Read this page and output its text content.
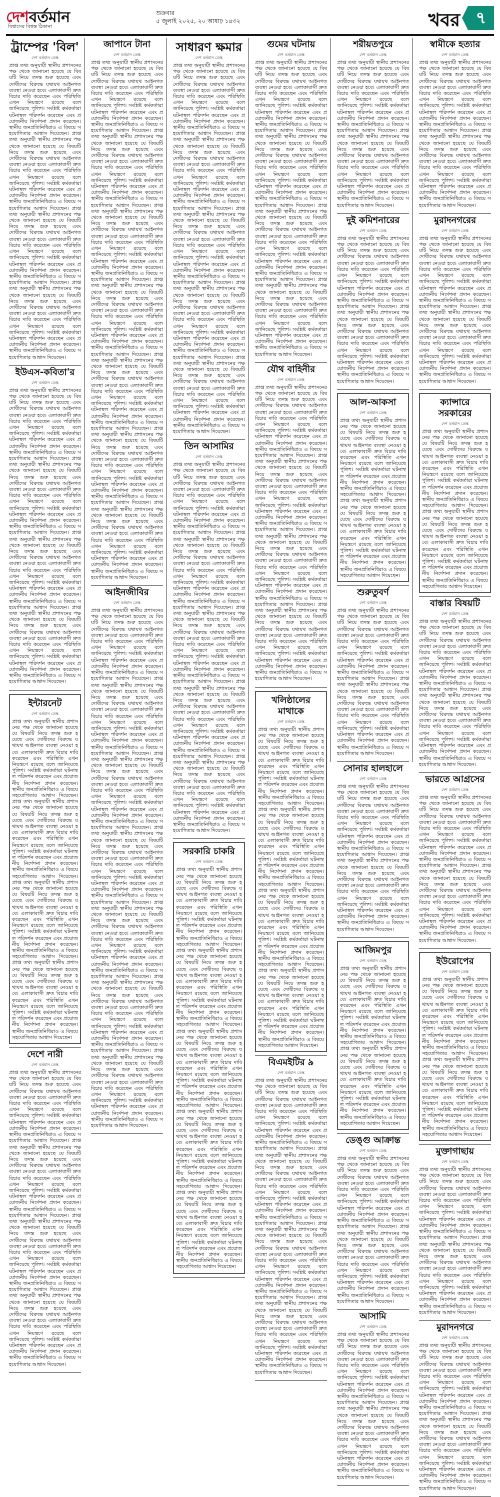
দেশবর্তমান
বিশ্বাসের বিশ্বস্ত ঠিকানা
শুক্রবার
৫ জুলাই ২০২৫, ২০ আষাঢ় ১৪৩২	খবর ৭
ট্রাম্পের 'বিল'
দেশ বর্তমান ডেস্ক
প্রাপ্ত তথ্য অনুযায়ী স্থানীয় প্রশাসনের পক্ষ থেকে জানানো হয়েছে যে বিষয়টি নিয়ে তদন্ত শুরু হয়েছে এবং দোষীদের বিরুদ্ধে যথাযথ আইনগত ব্যবস্থা নেওয়া হবে। এলাকাবাসী দ্রুত বিচার দাবি করেছেন এবং পরিস্থিতি এখন নিয়ন্ত্রণে রয়েছে বলে জানিয়েছে পুলিশ। সংশ্লিষ্ট কর্মকর্তারা ঘটনাস্থল পরিদর্শন করেছেন এবং প্রয়োজনীয় নির্দেশনা প্রদান করেছেন। স্থানীয় জনপ্রতিনিধিরাও এ বিষয়ে সহযোগিতার আশ্বাস দিয়েছেন। প্রাপ্ত তথ্য অনুযায়ী স্থানীয় প্রশাসনের পক্ষ থেকে জানানো হয়েছে যে বিষয়টি নিয়ে তদন্ত শুরু হয়েছে এবং দোষীদের বিরুদ্ধে যথাযথ আইনগত ব্যবস্থা নেওয়া হবে। এলাকাবাসী দ্রুত বিচার দাবি করেছেন এবং পরিস্থিতি এখন নিয়ন্ত্রণে রয়েছে বলে জানিয়েছে পুলিশ। সংশ্লিষ্ট কর্মকর্তারা ঘটনাস্থল পরিদর্শন করেছেন এবং প্রয়োজনীয় নির্দেশনা প্রদান করেছেন। স্থানীয় জনপ্রতিনিধিরাও এ বিষয়ে সহযোগিতার আশ্বাস দিয়েছেন। প্রাপ্ত তথ্য অনুযায়ী স্থানীয় প্রশাসনের পক্ষ থেকে জানানো হয়েছে যে বিষয়টি নিয়ে তদন্ত শুরু হয়েছে এবং দোষীদের বিরুদ্ধে যথাযথ আইনগত ব্যবস্থা নেওয়া হবে। এলাকাবাসী দ্রুত বিচার দাবি করেছেন এবং পরিস্থিতি এখন নিয়ন্ত্রণে রয়েছে বলে জানিয়েছে পুলিশ। সংশ্লিষ্ট কর্মকর্তারা ঘটনাস্থল পরিদর্শন করেছেন এবং প্রয়োজনীয় নির্দেশনা প্রদান করেছেন। স্থানীয় জনপ্রতিনিধিরাও এ বিষয়ে সহযোগিতার আশ্বাস দিয়েছেন। প্রাপ্ত তথ্য অনুযায়ী স্থানীয় প্রশাসনের পক্ষ থেকে জানানো হয়েছে যে বিষয়টি নিয়ে তদন্ত শুরু হয়েছে এবং দোষীদের বিরুদ্ধে যথাযথ আইনগত ব্যবস্থা নেওয়া হবে। এলাকাবাসী দ্রুত বিচার দাবি করেছেন এবং পরিস্থিতি এখন নিয়ন্ত্রণে রয়েছে বলে জানিয়েছে পুলিশ। সংশ্লিষ্ট কর্মকর্তারা ঘটনাস্থল পরিদর্শন করেছেন এবং প্রয়োজনীয় নির্দেশনা প্রদান করেছেন। স্থানীয় জনপ্রতিনিধিরাও এ বিষয়ে সহযোগিতার আশ্বাস দিয়েছেন।
ইউএস-কবিতা'র
দেশ বর্তমান ডেস্ক
প্রাপ্ত তথ্য অনুযায়ী স্থানীয় প্রশাসনের পক্ষ থেকে জানানো হয়েছে যে বিষয়টি নিয়ে তদন্ত শুরু হয়েছে এবং দোষীদের বিরুদ্ধে যথাযথ আইনগত ব্যবস্থা নেওয়া হবে। এলাকাবাসী দ্রুত বিচার দাবি করেছেন এবং পরিস্থিতি এখন নিয়ন্ত্রণে রয়েছে বলে জানিয়েছে পুলিশ। সংশ্লিষ্ট কর্মকর্তারা ঘটনাস্থল পরিদর্শন করেছেন এবং প্রয়োজনীয় নির্দেশনা প্রদান করেছেন। স্থানীয় জনপ্রতিনিধিরাও এ বিষয়ে সহযোগিতার আশ্বাস দিয়েছেন। প্রাপ্ত তথ্য অনুযায়ী স্থানীয় প্রশাসনের পক্ষ থেকে জানানো হয়েছে যে বিষয়টি নিয়ে তদন্ত শুরু হয়েছে এবং দোষীদের বিরুদ্ধে যথাযথ আইনগত ব্যবস্থা নেওয়া হবে। এলাকাবাসী দ্রুত বিচার দাবি করেছেন এবং পরিস্থিতি এখন নিয়ন্ত্রণে রয়েছে বলে জানিয়েছে পুলিশ। সংশ্লিষ্ট কর্মকর্তারা ঘটনাস্থল পরিদর্শন করেছেন এবং প্রয়োজনীয় নির্দেশনা প্রদান করেছেন। স্থানীয় জনপ্রতিনিধিরাও এ বিষয়ে সহযোগিতার আশ্বাস দিয়েছেন। প্রাপ্ত তথ্য অনুযায়ী স্থানীয় প্রশাসনের পক্ষ থেকে জানানো হয়েছে যে বিষয়টি নিয়ে তদন্ত শুরু হয়েছে এবং দোষীদের বিরুদ্ধে যথাযথ আইনগত ব্যবস্থা নেওয়া হবে। এলাকাবাসী দ্রুত বিচার দাবি করেছেন এবং পরিস্থিতি এখন নিয়ন্ত্রণে রয়েছে বলে জানিয়েছে পুলিশ। সংশ্লিষ্ট কর্মকর্তারা ঘটনাস্থল পরিদর্শন করেছেন এবং প্রয়োজনীয় নির্দেশনা প্রদান করেছেন। স্থানীয় জনপ্রতিনিধিরাও এ বিষয়ে সহযোগিতার আশ্বাস দিয়েছেন। প্রাপ্ত তথ্য অনুযায়ী স্থানীয় প্রশাসনের পক্ষ থেকে জানানো হয়েছে যে বিষয়টি নিয়ে তদন্ত শুরু হয়েছে এবং দোষীদের বিরুদ্ধে যথাযথ আইনগত ব্যবস্থা নেওয়া হবে। এলাকাবাসী দ্রুত বিচার দাবি করেছেন এবং পরিস্থিতি এখন নিয়ন্ত্রণে রয়েছে বলে জানিয়েছে পুলিশ। সংশ্লিষ্ট কর্মকর্তারা ঘটনাস্থল পরিদর্শন করেছেন এবং প্রয়োজনীয় নির্দেশনা প্রদান করেছেন। স্থানীয় জনপ্রতিনিধিরাও এ বিষয়ে সহযোগিতার আশ্বাস দিয়েছেন।
ইন্টারনেট
দেশ বর্তমান ডেস্ক
প্রাপ্ত তথ্য অনুযায়ী স্থানীয় প্রশাসনের পক্ষ থেকে জানানো হয়েছে যে বিষয়টি নিয়ে তদন্ত শুরু হয়েছে এবং দোষীদের বিরুদ্ধে যথাযথ আইনগত ব্যবস্থা নেওয়া হবে। এলাকাবাসী দ্রুত বিচার দাবি করেছেন এবং পরিস্থিতি এখন নিয়ন্ত্রণে রয়েছে বলে জানিয়েছে পুলিশ। সংশ্লিষ্ট কর্মকর্তারা ঘটনাস্থল পরিদর্শন করেছেন এবং প্রয়োজনীয় নির্দেশনা প্রদান করেছেন। স্থানীয় জনপ্রতিনিধিরাও এ বিষয়ে সহযোগিতার আশ্বাস দিয়েছেন। প্রাপ্ত তথ্য অনুযায়ী স্থানীয় প্রশাসনের পক্ষ থেকে জানানো হয়েছে যে বিষয়টি নিয়ে তদন্ত শুরু হয়েছে এবং দোষীদের বিরুদ্ধে যথাযথ আইনগত ব্যবস্থা নেওয়া হবে। এলাকাবাসী দ্রুত বিচার দাবি করেছেন এবং পরিস্থিতি এখন নিয়ন্ত্রণে রয়েছে বলে জানিয়েছে পুলিশ। সংশ্লিষ্ট কর্মকর্তারা ঘটনাস্থল পরিদর্শন করেছেন এবং প্রয়োজনীয় নির্দেশনা প্রদান করেছেন। স্থানীয় জনপ্রতিনিধিরাও এ বিষয়ে সহযোগিতার আশ্বাস দিয়েছেন। প্রাপ্ত তথ্য অনুযায়ী স্থানীয় প্রশাসনের পক্ষ থেকে জানানো হয়েছে যে বিষয়টি নিয়ে তদন্ত শুরু হয়েছে এবং দোষীদের বিরুদ্ধে যথাযথ আইনগত ব্যবস্থা নেওয়া হবে। এলাকাবাসী দ্রুত বিচার দাবি করেছেন এবং পরিস্থিতি এখন নিয়ন্ত্রণে রয়েছে বলে জানিয়েছে পুলিশ। সংশ্লিষ্ট কর্মকর্তারা ঘটনাস্থল পরিদর্শন করেছেন এবং প্রয়োজনীয় নির্দেশনা প্রদান করেছেন। স্থানীয় জনপ্রতিনিধিরাও এ বিষয়ে সহযোগিতার আশ্বাস দিয়েছেন। প্রাপ্ত তথ্য অনুযায়ী স্থানীয় প্রশাসনের পক্ষ থেকে জানানো হয়েছে যে বিষয়টি নিয়ে তদন্ত শুরু হয়েছে এবং দোষীদের বিরুদ্ধে যথাযথ আইনগত ব্যবস্থা নেওয়া হবে। এলাকাবাসী দ্রুত বিচার দাবি করেছেন এবং পরিস্থিতি এখন নিয়ন্ত্রণে রয়েছে বলে জানিয়েছে পুলিশ। সংশ্লিষ্ট কর্মকর্তারা ঘটনাস্থল পরিদর্শন করেছেন এবং প্রয়োজনীয় নির্দেশনা প্রদান করেছেন। স্থানীয় জনপ্রতিনিধিরাও এ বিষয়ে সহযোগিতার আশ্বাস দিয়েছেন।
দেশে নারী
দেশ বর্তমান ডেস্ক
প্রাপ্ত তথ্য অনুযায়ী স্থানীয় প্রশাসনের পক্ষ থেকে জানানো হয়েছে যে বিষয়টি নিয়ে তদন্ত শুরু হয়েছে এবং দোষীদের বিরুদ্ধে যথাযথ আইনগত ব্যবস্থা নেওয়া হবে। এলাকাবাসী দ্রুত বিচার দাবি করেছেন এবং পরিস্থিতি এখন নিয়ন্ত্রণে রয়েছে বলে জানিয়েছে পুলিশ। সংশ্লিষ্ট কর্মকর্তারা ঘটনাস্থল পরিদর্শন করেছেন এবং প্রয়োজনীয় নির্দেশনা প্রদান করেছেন। স্থানীয় জনপ্রতিনিধিরাও এ বিষয়ে সহযোগিতার আশ্বাস দিয়েছেন। প্রাপ্ত তথ্য অনুযায়ী স্থানীয় প্রশাসনের পক্ষ থেকে জানানো হয়েছে যে বিষয়টি নিয়ে তদন্ত শুরু হয়েছে এবং দোষীদের বিরুদ্ধে যথাযথ আইনগত ব্যবস্থা নেওয়া হবে। এলাকাবাসী দ্রুত বিচার দাবি করেছেন এবং পরিস্থিতি এখন নিয়ন্ত্রণে রয়েছে বলে জানিয়েছে পুলিশ। সংশ্লিষ্ট কর্মকর্তারা ঘটনাস্থল পরিদর্শন করেছেন এবং প্রয়োজনীয় নির্দেশনা প্রদান করেছেন। স্থানীয় জনপ্রতিনিধিরাও এ বিষয়ে সহযোগিতার আশ্বাস দিয়েছেন। প্রাপ্ত তথ্য অনুযায়ী স্থানীয় প্রশাসনের পক্ষ থেকে জানানো হয়েছে যে বিষয়টি নিয়ে তদন্ত শুরু হয়েছে এবং দোষীদের বিরুদ্ধে যথাযথ আইনগত ব্যবস্থা নেওয়া হবে। এলাকাবাসী দ্রুত বিচার দাবি করেছেন এবং পরিস্থিতি এখন নিয়ন্ত্রণে রয়েছে বলে জানিয়েছে পুলিশ। সংশ্লিষ্ট কর্মকর্তারা ঘটনাস্থল পরিদর্শন করেছেন এবং প্রয়োজনীয় নির্দেশনা প্রদান করেছেন। স্থানীয় জনপ্রতিনিধিরাও এ বিষয়ে সহযোগিতার আশ্বাস দিয়েছেন। প্রাপ্ত তথ্য অনুযায়ী স্থানীয় প্রশাসনের পক্ষ থেকে জানানো হয়েছে যে বিষয়টি নিয়ে তদন্ত শুরু হয়েছে এবং দোষীদের বিরুদ্ধে যথাযথ আইনগত ব্যবস্থা নেওয়া হবে। এলাকাবাসী দ্রুত বিচার দাবি করেছেন এবং পরিস্থিতি এখন নিয়ন্ত্রণে রয়েছে বলে জানিয়েছে পুলিশ। সংশ্লিষ্ট কর্মকর্তারা ঘটনাস্থল পরিদর্শন করেছেন এবং প্রয়োজনীয় নির্দেশনা প্রদান করেছেন। স্থানীয় জনপ্রতিনিধিরাও এ বিষয়ে সহযোগিতার আশ্বাস দিয়েছেন।
জাপানে টানা
দেশ বর্তমান ডেস্ক
প্রাপ্ত তথ্য অনুযায়ী স্থানীয় প্রশাসনের পক্ষ থেকে জানানো হয়েছে যে বিষয়টি নিয়ে তদন্ত শুরু হয়েছে এবং দোষীদের বিরুদ্ধে যথাযথ আইনগত ব্যবস্থা নেওয়া হবে। এলাকাবাসী দ্রুত বিচার দাবি করেছেন এবং পরিস্থিতি এখন নিয়ন্ত্রণে রয়েছে বলে জানিয়েছে পুলিশ। সংশ্লিষ্ট কর্মকর্তারা ঘটনাস্থল পরিদর্শন করেছেন এবং প্রয়োজনীয় নির্দেশনা প্রদান করেছেন। স্থানীয় জনপ্রতিনিধিরাও এ বিষয়ে সহযোগিতার আশ্বাস দিয়েছেন। প্রাপ্ত তথ্য অনুযায়ী স্থানীয় প্রশাসনের পক্ষ থেকে জানানো হয়েছে যে বিষয়টি নিয়ে তদন্ত শুরু হয়েছে এবং দোষীদের বিরুদ্ধে যথাযথ আইনগত ব্যবস্থা নেওয়া হবে। এলাকাবাসী দ্রুত বিচার দাবি করেছেন এবং পরিস্থিতি এখন নিয়ন্ত্রণে রয়েছে বলে জানিয়েছে পুলিশ। সংশ্লিষ্ট কর্মকর্তারা ঘটনাস্থল পরিদর্শন করেছেন এবং প্রয়োজনীয় নির্দেশনা প্রদান করেছেন। স্থানীয় জনপ্রতিনিধিরাও এ বিষয়ে সহযোগিতার আশ্বাস দিয়েছেন। প্রাপ্ত তথ্য অনুযায়ী স্থানীয় প্রশাসনের পক্ষ থেকে জানানো হয়েছে যে বিষয়টি নিয়ে তদন্ত শুরু হয়েছে এবং দোষীদের বিরুদ্ধে যথাযথ আইনগত ব্যবস্থা নেওয়া হবে। এলাকাবাসী দ্রুত বিচার দাবি করেছেন এবং পরিস্থিতি এখন নিয়ন্ত্রণে রয়েছে বলে জানিয়েছে পুলিশ। সংশ্লিষ্ট কর্মকর্তারা ঘটনাস্থল পরিদর্শন করেছেন এবং প্রয়োজনীয় নির্দেশনা প্রদান করেছেন। স্থানীয় জনপ্রতিনিধিরাও এ বিষয়ে সহযোগিতার আশ্বাস দিয়েছেন। প্রাপ্ত তথ্য অনুযায়ী স্থানীয় প্রশাসনের পক্ষ থেকে জানানো হয়েছে যে বিষয়টি নিয়ে তদন্ত শুরু হয়েছে এবং দোষীদের বিরুদ্ধে যথাযথ আইনগত ব্যবস্থা নেওয়া হবে। এলাকাবাসী দ্রুত বিচার দাবি করেছেন এবং পরিস্থিতি এখন নিয়ন্ত্রণে রয়েছে বলে জানিয়েছে পুলিশ। সংশ্লিষ্ট কর্মকর্তারা ঘটনাস্থল পরিদর্শন করেছেন এবং প্রয়োজনীয় নির্দেশনা প্রদান করেছেন। স্থানীয় জনপ্রতিনিধিরাও এ বিষয়ে সহযোগিতার আশ্বাস দিয়েছেন। প্রাপ্ত তথ্য অনুযায়ী স্থানীয় প্রশাসনের পক্ষ থেকে জানানো হয়েছে যে বিষয়টি নিয়ে তদন্ত শুরু হয়েছে এবং দোষীদের বিরুদ্ধে যথাযথ আইনগত ব্যবস্থা নেওয়া হবে। এলাকাবাসী দ্রুত বিচার দাবি করেছেন এবং পরিস্থিতি এখন নিয়ন্ত্রণে রয়েছে বলে জানিয়েছে পুলিশ। সংশ্লিষ্ট কর্মকর্তারা ঘটনাস্থল পরিদর্শন করেছেন এবং প্রয়োজনীয় নির্দেশনা প্রদান করেছেন। স্থানীয় জনপ্রতিনিধিরাও এ বিষয়ে সহযোগিতার আশ্বাস দিয়েছেন। প্রাপ্ত তথ্য অনুযায়ী স্থানীয় প্রশাসনের পক্ষ থেকে জানানো হয়েছে যে বিষয়টি নিয়ে তদন্ত শুরু হয়েছে এবং দোষীদের বিরুদ্ধে যথাযথ আইনগত ব্যবস্থা নেওয়া হবে। এলাকাবাসী দ্রুত বিচার দাবি করেছেন এবং পরিস্থিতি এখন নিয়ন্ত্রণে রয়েছে বলে জানিয়েছে পুলিশ। সংশ্লিষ্ট কর্মকর্তারা ঘটনাস্থল পরিদর্শন করেছেন এবং প্রয়োজনীয় নির্দেশনা প্রদান করেছেন। স্থানীয় জনপ্রতিনিধিরাও এ বিষয়ে সহযোগিতার আশ্বাস দিয়েছেন। প্রাপ্ত তথ্য অনুযায়ী স্থানীয় প্রশাসনের পক্ষ থেকে জানানো হয়েছে যে বিষয়টি নিয়ে তদন্ত শুরু হয়েছে এবং দোষীদের বিরুদ্ধে যথাযথ আইনগত ব্যবস্থা নেওয়া হবে। এলাকাবাসী দ্রুত বিচার দাবি করেছেন এবং পরিস্থিতি এখন নিয়ন্ত্রণে রয়েছে বলে জানিয়েছে পুলিশ। সংশ্লিষ্ট কর্মকর্তারা ঘটনাস্থল পরিদর্শন করেছেন এবং প্রয়োজনীয় নির্দেশনা প্রদান করেছেন। স্থানীয় জনপ্রতিনিধিরাও এ বিষয়ে সহযোগিতার আশ্বাস দিয়েছেন।
আইনজীবির
দেশ বর্তমান ডেস্ক
প্রাপ্ত তথ্য অনুযায়ী স্থানীয় প্রশাসনের পক্ষ থেকে জানানো হয়েছে যে বিষয়টি নিয়ে তদন্ত শুরু হয়েছে এবং দোষীদের বিরুদ্ধে যথাযথ আইনগত ব্যবস্থা নেওয়া হবে। এলাকাবাসী দ্রুত বিচার দাবি করেছেন এবং পরিস্থিতি এখন নিয়ন্ত্রণে রয়েছে বলে জানিয়েছে পুলিশ। সংশ্লিষ্ট কর্মকর্তারা ঘটনাস্থল পরিদর্শন করেছেন এবং প্রয়োজনীয় নির্দেশনা প্রদান করেছেন। স্থানীয় জনপ্রতিনিধিরাও এ বিষয়ে সহযোগিতার আশ্বাস দিয়েছেন। প্রাপ্ত তথ্য অনুযায়ী স্থানীয় প্রশাসনের পক্ষ থেকে জানানো হয়েছে যে বিষয়টি নিয়ে তদন্ত শুরু হয়েছে এবং দোষীদের বিরুদ্ধে যথাযথ আইনগত ব্যবস্থা নেওয়া হবে। এলাকাবাসী দ্রুত বিচার দাবি করেছেন এবং পরিস্থিতি এখন নিয়ন্ত্রণে রয়েছে বলে জানিয়েছে পুলিশ। সংশ্লিষ্ট কর্মকর্তারা ঘটনাস্থল পরিদর্শন করেছেন এবং প্রয়োজনীয় নির্দেশনা প্রদান করেছেন। স্থানীয় জনপ্রতিনিধিরাও এ বিষয়ে সহযোগিতার আশ্বাস দিয়েছেন। প্রাপ্ত তথ্য অনুযায়ী স্থানীয় প্রশাসনের পক্ষ থেকে জানানো হয়েছে যে বিষয়টি নিয়ে তদন্ত শুরু হয়েছে এবং দোষীদের বিরুদ্ধে যথাযথ আইনগত ব্যবস্থা নেওয়া হবে। এলাকাবাসী দ্রুত বিচার দাবি করেছেন এবং পরিস্থিতি এখন নিয়ন্ত্রণে রয়েছে বলে জানিয়েছে পুলিশ। সংশ্লিষ্ট কর্মকর্তারা ঘটনাস্থল পরিদর্শন করেছেন এবং প্রয়োজনীয় নির্দেশনা প্রদান করেছেন। স্থানীয় জনপ্রতিনিধিরাও এ বিষয়ে সহযোগিতার আশ্বাস দিয়েছেন। প্রাপ্ত তথ্য অনুযায়ী স্থানীয় প্রশাসনের পক্ষ থেকে জানানো হয়েছে যে বিষয়টি নিয়ে তদন্ত শুরু হয়েছে এবং দোষীদের বিরুদ্ধে যথাযথ আইনগত ব্যবস্থা নেওয়া হবে। এলাকাবাসী দ্রুত বিচার দাবি করেছেন এবং পরিস্থিতি এখন নিয়ন্ত্রণে রয়েছে বলে জানিয়েছে পুলিশ। সংশ্লিষ্ট কর্মকর্তারা ঘটনাস্থল পরিদর্শন করেছেন এবং প্রয়োজনীয় নির্দেশনা প্রদান করেছেন। স্থানীয় জনপ্রতিনিধিরাও এ বিষয়ে সহযোগিতার আশ্বাস দিয়েছেন। প্রাপ্ত তথ্য অনুযায়ী স্থানীয় প্রশাসনের পক্ষ থেকে জানানো হয়েছে যে বিষয়টি নিয়ে তদন্ত শুরু হয়েছে এবং দোষীদের বিরুদ্ধে যথাযথ আইনগত ব্যবস্থা নেওয়া হবে। এলাকাবাসী দ্রুত বিচার দাবি করেছেন এবং পরিস্থিতি এখন নিয়ন্ত্রণে রয়েছে বলে জানিয়েছে পুলিশ। সংশ্লিষ্ট কর্মকর্তারা ঘটনাস্থল পরিদর্শন করেছেন এবং প্রয়োজনীয় নির্দেশনা প্রদান করেছেন। স্থানীয় জনপ্রতিনিধিরাও এ বিষয়ে সহযোগিতার আশ্বাস দিয়েছেন। প্রাপ্ত তথ্য অনুযায়ী স্থানীয় প্রশাসনের পক্ষ থেকে জানানো হয়েছে যে বিষয়টি নিয়ে তদন্ত শুরু হয়েছে এবং দোষীদের বিরুদ্ধে যথাযথ আইনগত ব্যবস্থা নেওয়া হবে। এলাকাবাসী দ্রুত বিচার দাবি করেছেন এবং পরিস্থিতি এখন নিয়ন্ত্রণে রয়েছে বলে জানিয়েছে পুলিশ। সংশ্লিষ্ট কর্মকর্তারা ঘটনাস্থল পরিদর্শন করেছেন এবং প্রয়োজনীয় নির্দেশনা প্রদান করেছেন। স্থানীয় জনপ্রতিনিধিরাও এ বিষয়ে সহযোগিতার আশ্বাস দিয়েছেন। প্রাপ্ত তথ্য অনুযায়ী স্থানীয় প্রশাসনের পক্ষ থেকে জানানো হয়েছে যে বিষয়টি নিয়ে তদন্ত শুরু হয়েছে এবং দোষীদের বিরুদ্ধে যথাযথ আইনগত ব্যবস্থা নেওয়া হবে। এলাকাবাসী দ্রুত বিচার দাবি করেছেন এবং পরিস্থিতি এখন নিয়ন্ত্রণে রয়েছে বলে জানিয়েছে পুলিশ। সংশ্লিষ্ট কর্মকর্তারা ঘটনাস্থল পরিদর্শন করেছেন এবং প্রয়োজনীয় নির্দেশনা প্রদান করেছেন। স্থানীয় জনপ্রতিনিধিরাও এ বিষয়ে সহযোগিতার আশ্বাস দিয়েছেন।
সাধারণ ক্ষমার
দেশ বর্তমান ডেস্ক
প্রাপ্ত তথ্য অনুযায়ী স্থানীয় প্রশাসনের পক্ষ থেকে জানানো হয়েছে যে বিষয়টি নিয়ে তদন্ত শুরু হয়েছে এবং দোষীদের বিরুদ্ধে যথাযথ আইনগত ব্যবস্থা নেওয়া হবে। এলাকাবাসী দ্রুত বিচার দাবি করেছেন এবং পরিস্থিতি এখন নিয়ন্ত্রণে রয়েছে বলে জানিয়েছে পুলিশ। সংশ্লিষ্ট কর্মকর্তারা ঘটনাস্থল পরিদর্শন করেছেন এবং প্রয়োজনীয় নির্দেশনা প্রদান করেছেন। স্থানীয় জনপ্রতিনিধিরাও এ বিষয়ে সহযোগিতার আশ্বাস দিয়েছেন। প্রাপ্ত তথ্য অনুযায়ী স্থানীয় প্রশাসনের পক্ষ থেকে জানানো হয়েছে যে বিষয়টি নিয়ে তদন্ত শুরু হয়েছে এবং দোষীদের বিরুদ্ধে যথাযথ আইনগত ব্যবস্থা নেওয়া হবে। এলাকাবাসী দ্রুত বিচার দাবি করেছেন এবং পরিস্থিতি এখন নিয়ন্ত্রণে রয়েছে বলে জানিয়েছে পুলিশ। সংশ্লিষ্ট কর্মকর্তারা ঘটনাস্থল পরিদর্শন করেছেন এবং প্রয়োজনীয় নির্দেশনা প্রদান করেছেন। স্থানীয় জনপ্রতিনিধিরাও এ বিষয়ে সহযোগিতার আশ্বাস দিয়েছেন। প্রাপ্ত তথ্য অনুযায়ী স্থানীয় প্রশাসনের পক্ষ থেকে জানানো হয়েছে যে বিষয়টি নিয়ে তদন্ত শুরু হয়েছে এবং দোষীদের বিরুদ্ধে যথাযথ আইনগত ব্যবস্থা নেওয়া হবে। এলাকাবাসী দ্রুত বিচার দাবি করেছেন এবং পরিস্থিতি এখন নিয়ন্ত্রণে রয়েছে বলে জানিয়েছে পুলিশ। সংশ্লিষ্ট কর্মকর্তারা ঘটনাস্থল পরিদর্শন করেছেন এবং প্রয়োজনীয় নির্দেশনা প্রদান করেছেন। স্থানীয় জনপ্রতিনিধিরাও এ বিষয়ে সহযোগিতার আশ্বাস দিয়েছেন। প্রাপ্ত তথ্য অনুযায়ী স্থানীয় প্রশাসনের পক্ষ থেকে জানানো হয়েছে যে বিষয়টি নিয়ে তদন্ত শুরু হয়েছে এবং দোষীদের বিরুদ্ধে যথাযথ আইনগত ব্যবস্থা নেওয়া হবে। এলাকাবাসী দ্রুত বিচার দাবি করেছেন এবং পরিস্থিতি এখন নিয়ন্ত্রণে রয়েছে বলে জানিয়েছে পুলিশ। সংশ্লিষ্ট কর্মকর্তারা ঘটনাস্থল পরিদর্শন করেছেন এবং প্রয়োজনীয় নির্দেশনা প্রদান করেছেন। স্থানীয় জনপ্রতিনিধিরাও এ বিষয়ে সহযোগিতার আশ্বাস দিয়েছেন। প্রাপ্ত তথ্য অনুযায়ী স্থানীয় প্রশাসনের পক্ষ থেকে জানানো হয়েছে যে বিষয়টি নিয়ে তদন্ত শুরু হয়েছে এবং দোষীদের বিরুদ্ধে যথাযথ আইনগত ব্যবস্থা নেওয়া হবে। এলাকাবাসী দ্রুত বিচার দাবি করেছেন এবং পরিস্থিতি এখন নিয়ন্ত্রণে রয়েছে বলে জানিয়েছে পুলিশ। সংশ্লিষ্ট কর্মকর্তারা ঘটনাস্থল পরিদর্শন করেছেন এবং প্রয়োজনীয় নির্দেশনা প্রদান করেছেন। স্থানীয় জনপ্রতিনিধিরাও এ বিষয়ে সহযোগিতার আশ্বাস দিয়েছেন।
তিন আসামির
দেশ বর্তমান ডেস্ক
প্রাপ্ত তথ্য অনুযায়ী স্থানীয় প্রশাসনের পক্ষ থেকে জানানো হয়েছে যে বিষয়টি নিয়ে তদন্ত শুরু হয়েছে এবং দোষীদের বিরুদ্ধে যথাযথ আইনগত ব্যবস্থা নেওয়া হবে। এলাকাবাসী দ্রুত বিচার দাবি করেছেন এবং পরিস্থিতি এখন নিয়ন্ত্রণে রয়েছে বলে জানিয়েছে পুলিশ। সংশ্লিষ্ট কর্মকর্তারা ঘটনাস্থল পরিদর্শন করেছেন এবং প্রয়োজনীয় নির্দেশনা প্রদান করেছেন। স্থানীয় জনপ্রতিনিধিরাও এ বিষয়ে সহযোগিতার আশ্বাস দিয়েছেন। প্রাপ্ত তথ্য অনুযায়ী স্থানীয় প্রশাসনের পক্ষ থেকে জানানো হয়েছে যে বিষয়টি নিয়ে তদন্ত শুরু হয়েছে এবং দোষীদের বিরুদ্ধে যথাযথ আইনগত ব্যবস্থা নেওয়া হবে। এলাকাবাসী দ্রুত বিচার দাবি করেছেন এবং পরিস্থিতি এখন নিয়ন্ত্রণে রয়েছে বলে জানিয়েছে পুলিশ। সংশ্লিষ্ট কর্মকর্তারা ঘটনাস্থল পরিদর্শন করেছেন এবং প্রয়োজনীয় নির্দেশনা প্রদান করেছেন। স্থানীয় জনপ্রতিনিধিরাও এ বিষয়ে সহযোগিতার আশ্বাস দিয়েছেন। প্রাপ্ত তথ্য অনুযায়ী স্থানীয় প্রশাসনের পক্ষ থেকে জানানো হয়েছে যে বিষয়টি নিয়ে তদন্ত শুরু হয়েছে এবং দোষীদের বিরুদ্ধে যথাযথ আইনগত ব্যবস্থা নেওয়া হবে। এলাকাবাসী দ্রুত বিচার দাবি করেছেন এবং পরিস্থিতি এখন নিয়ন্ত্রণে রয়েছে বলে জানিয়েছে পুলিশ। সংশ্লিষ্ট কর্মকর্তারা ঘটনাস্থল পরিদর্শন করেছেন এবং প্রয়োজনীয় নির্দেশনা প্রদান করেছেন। স্থানীয় জনপ্রতিনিধিরাও এ বিষয়ে সহযোগিতার আশ্বাস দিয়েছেন। প্রাপ্ত তথ্য অনুযায়ী স্থানীয় প্রশাসনের পক্ষ থেকে জানানো হয়েছে যে বিষয়টি নিয়ে তদন্ত শুরু হয়েছে এবং দোষীদের বিরুদ্ধে যথাযথ আইনগত ব্যবস্থা নেওয়া হবে। এলাকাবাসী দ্রুত বিচার দাবি করেছেন এবং পরিস্থিতি এখন নিয়ন্ত্রণে রয়েছে বলে জানিয়েছে পুলিশ। সংশ্লিষ্ট কর্মকর্তারা ঘটনাস্থল পরিদর্শন করেছেন এবং প্রয়োজনীয় নির্দেশনা প্রদান করেছেন। স্থানীয় জনপ্রতিনিধিরাও এ বিষয়ে সহযোগিতার আশ্বাস দিয়েছেন। প্রাপ্ত তথ্য অনুযায়ী স্থানীয় প্রশাসনের পক্ষ থেকে জানানো হয়েছে যে বিষয়টি নিয়ে তদন্ত শুরু হয়েছে এবং দোষীদের বিরুদ্ধে যথাযথ আইনগত ব্যবস্থা নেওয়া হবে। এলাকাবাসী দ্রুত বিচার দাবি করেছেন এবং পরিস্থিতি এখন নিয়ন্ত্রণে রয়েছে বলে জানিয়েছে পুলিশ। সংশ্লিষ্ট কর্মকর্তারা ঘটনাস্থল পরিদর্শন করেছেন এবং প্রয়োজনীয় নির্দেশনা প্রদান করেছেন। স্থানীয় জনপ্রতিনিধিরাও এ বিষয়ে সহযোগিতার আশ্বাস দিয়েছেন।
সরকারি চাকরি
দেশ বর্তমান ডেস্ক
প্রাপ্ত তথ্য অনুযায়ী স্থানীয় প্রশাসনের পক্ষ থেকে জানানো হয়েছে যে বিষয়টি নিয়ে তদন্ত শুরু হয়েছে এবং দোষীদের বিরুদ্ধে যথাযথ আইনগত ব্যবস্থা নেওয়া হবে। এলাকাবাসী দ্রুত বিচার দাবি করেছেন এবং পরিস্থিতি এখন নিয়ন্ত্রণে রয়েছে বলে জানিয়েছে পুলিশ। সংশ্লিষ্ট কর্মকর্তারা ঘটনাস্থল পরিদর্শন করেছেন এবং প্রয়োজনীয় নির্দেশনা প্রদান করেছেন। স্থানীয় জনপ্রতিনিধিরাও এ বিষয়ে সহযোগিতার আশ্বাস দিয়েছেন। প্রাপ্ত তথ্য অনুযায়ী স্থানীয় প্রশাসনের পক্ষ থেকে জানানো হয়েছে যে বিষয়টি নিয়ে তদন্ত শুরু হয়েছে এবং দোষীদের বিরুদ্ধে যথাযথ আইনগত ব্যবস্থা নেওয়া হবে। এলাকাবাসী দ্রুত বিচার দাবি করেছেন এবং পরিস্থিতি এখন নিয়ন্ত্রণে রয়েছে বলে জানিয়েছে পুলিশ। সংশ্লিষ্ট কর্মকর্তারা ঘটনাস্থল পরিদর্শন করেছেন এবং প্রয়োজনীয় নির্দেশনা প্রদান করেছেন। স্থানীয় জনপ্রতিনিধিরাও এ বিষয়ে সহযোগিতার আশ্বাস দিয়েছেন। প্রাপ্ত তথ্য অনুযায়ী স্থানীয় প্রশাসনের পক্ষ থেকে জানানো হয়েছে যে বিষয়টি নিয়ে তদন্ত শুরু হয়েছে এবং দোষীদের বিরুদ্ধে যথাযথ আইনগত ব্যবস্থা নেওয়া হবে। এলাকাবাসী দ্রুত বিচার দাবি করেছেন এবং পরিস্থিতি এখন নিয়ন্ত্রণে রয়েছে বলে জানিয়েছে পুলিশ। সংশ্লিষ্ট কর্মকর্তারা ঘটনাস্থল পরিদর্শন করেছেন এবং প্রয়োজনীয় নির্দেশনা প্রদান করেছেন। স্থানীয় জনপ্রতিনিধিরাও এ বিষয়ে সহযোগিতার আশ্বাস দিয়েছেন। প্রাপ্ত তথ্য অনুযায়ী স্থানীয় প্রশাসনের পক্ষ থেকে জানানো হয়েছে যে বিষয়টি নিয়ে তদন্ত শুরু হয়েছে এবং দোষীদের বিরুদ্ধে যথাযথ আইনগত ব্যবস্থা নেওয়া হবে। এলাকাবাসী দ্রুত বিচার দাবি করেছেন এবং পরিস্থিতি এখন নিয়ন্ত্রণে রয়েছে বলে জানিয়েছে পুলিশ। সংশ্লিষ্ট কর্মকর্তারা ঘটনাস্থল পরিদর্শন করেছেন এবং প্রয়োজনীয় নির্দেশনা প্রদান করেছেন। স্থানীয় জনপ্রতিনিধিরাও এ বিষয়ে সহযোগিতার আশ্বাস দিয়েছেন। প্রাপ্ত তথ্য অনুযায়ী স্থানীয় প্রশাসনের পক্ষ থেকে জানানো হয়েছে যে বিষয়টি নিয়ে তদন্ত শুরু হয়েছে এবং দোষীদের বিরুদ্ধে যথাযথ আইনগত ব্যবস্থা নেওয়া হবে। এলাকাবাসী দ্রুত বিচার দাবি করেছেন এবং পরিস্থিতি এখন নিয়ন্ত্রণে রয়েছে বলে জানিয়েছে পুলিশ। সংশ্লিষ্ট কর্মকর্তারা ঘটনাস্থল পরিদর্শন করেছেন এবং প্রয়োজনীয় নির্দেশনা প্রদান করেছেন। স্থানীয় জনপ্রতিনিধিরাও এ বিষয়ে সহযোগিতার আশ্বাস দিয়েছেন।
গুমের ঘটনায়
দেশ বর্তমান ডেস্ক
প্রাপ্ত তথ্য অনুযায়ী স্থানীয় প্রশাসনের পক্ষ থেকে জানানো হয়েছে যে বিষয়টি নিয়ে তদন্ত শুরু হয়েছে এবং দোষীদের বিরুদ্ধে যথাযথ আইনগত ব্যবস্থা নেওয়া হবে। এলাকাবাসী দ্রুত বিচার দাবি করেছেন এবং পরিস্থিতি এখন নিয়ন্ত্রণে রয়েছে বলে জানিয়েছে পুলিশ। সংশ্লিষ্ট কর্মকর্তারা ঘটনাস্থল পরিদর্শন করেছেন এবং প্রয়োজনীয় নির্দেশনা প্রদান করেছেন। স্থানীয় জনপ্রতিনিধিরাও এ বিষয়ে সহযোগিতার আশ্বাস দিয়েছেন। প্রাপ্ত তথ্য অনুযায়ী স্থানীয় প্রশাসনের পক্ষ থেকে জানানো হয়েছে যে বিষয়টি নিয়ে তদন্ত শুরু হয়েছে এবং দোষীদের বিরুদ্ধে যথাযথ আইনগত ব্যবস্থা নেওয়া হবে। এলাকাবাসী দ্রুত বিচার দাবি করেছেন এবং পরিস্থিতি এখন নিয়ন্ত্রণে রয়েছে বলে জানিয়েছে পুলিশ। সংশ্লিষ্ট কর্মকর্তারা ঘটনাস্থল পরিদর্শন করেছেন এবং প্রয়োজনীয় নির্দেশনা প্রদান করেছেন। স্থানীয় জনপ্রতিনিধিরাও এ বিষয়ে সহযোগিতার আশ্বাস দিয়েছেন। প্রাপ্ত তথ্য অনুযায়ী স্থানীয় প্রশাসনের পক্ষ থেকে জানানো হয়েছে যে বিষয়টি নিয়ে তদন্ত শুরু হয়েছে এবং দোষীদের বিরুদ্ধে যথাযথ আইনগত ব্যবস্থা নেওয়া হবে। এলাকাবাসী দ্রুত বিচার দাবি করেছেন এবং পরিস্থিতি এখন নিয়ন্ত্রণে রয়েছে বলে জানিয়েছে পুলিশ। সংশ্লিষ্ট কর্মকর্তারা ঘটনাস্থল পরিদর্শন করেছেন এবং প্রয়োজনীয় নির্দেশনা প্রদান করেছেন। স্থানীয় জনপ্রতিনিধিরাও এ বিষয়ে সহযোগিতার আশ্বাস দিয়েছেন। প্রাপ্ত তথ্য অনুযায়ী স্থানীয় প্রশাসনের পক্ষ থেকে জানানো হয়েছে যে বিষয়টি নিয়ে তদন্ত শুরু হয়েছে এবং দোষীদের বিরুদ্ধে যথাযথ আইনগত ব্যবস্থা নেওয়া হবে। এলাকাবাসী দ্রুত বিচার দাবি করেছেন এবং পরিস্থিতি এখন নিয়ন্ত্রণে রয়েছে বলে জানিয়েছে পুলিশ। সংশ্লিষ্ট কর্মকর্তারা ঘটনাস্থল পরিদর্শন করেছেন এবং প্রয়োজনীয় নির্দেশনা প্রদান করেছেন। স্থানীয় জনপ্রতিনিধিরাও এ বিষয়ে সহযোগিতার আশ্বাস দিয়েছেন।
যৌথ বাহিনীর
দেশ বর্তমান ডেস্ক
প্রাপ্ত তথ্য অনুযায়ী স্থানীয় প্রশাসনের পক্ষ থেকে জানানো হয়েছে যে বিষয়টি নিয়ে তদন্ত শুরু হয়েছে এবং দোষীদের বিরুদ্ধে যথাযথ আইনগত ব্যবস্থা নেওয়া হবে। এলাকাবাসী দ্রুত বিচার দাবি করেছেন এবং পরিস্থিতি এখন নিয়ন্ত্রণে রয়েছে বলে জানিয়েছে পুলিশ। সংশ্লিষ্ট কর্মকর্তারা ঘটনাস্থল পরিদর্শন করেছেন এবং প্রয়োজনীয় নির্দেশনা প্রদান করেছেন। স্থানীয় জনপ্রতিনিধিরাও এ বিষয়ে সহযোগিতার আশ্বাস দিয়েছেন। প্রাপ্ত তথ্য অনুযায়ী স্থানীয় প্রশাসনের পক্ষ থেকে জানানো হয়েছে যে বিষয়টি নিয়ে তদন্ত শুরু হয়েছে এবং দোষীদের বিরুদ্ধে যথাযথ আইনগত ব্যবস্থা নেওয়া হবে। এলাকাবাসী দ্রুত বিচার দাবি করেছেন এবং পরিস্থিতি এখন নিয়ন্ত্রণে রয়েছে বলে জানিয়েছে পুলিশ। সংশ্লিষ্ট কর্মকর্তারা ঘটনাস্থল পরিদর্শন করেছেন এবং প্রয়োজনীয় নির্দেশনা প্রদান করেছেন। স্থানীয় জনপ্রতিনিধিরাও এ বিষয়ে সহযোগিতার আশ্বাস দিয়েছেন। প্রাপ্ত তথ্য অনুযায়ী স্থানীয় প্রশাসনের পক্ষ থেকে জানানো হয়েছে যে বিষয়টি নিয়ে তদন্ত শুরু হয়েছে এবং দোষীদের বিরুদ্ধে যথাযথ আইনগত ব্যবস্থা নেওয়া হবে। এলাকাবাসী দ্রুত বিচার দাবি করেছেন এবং পরিস্থিতি এখন নিয়ন্ত্রণে রয়েছে বলে জানিয়েছে পুলিশ। সংশ্লিষ্ট কর্মকর্তারা ঘটনাস্থল পরিদর্শন করেছেন এবং প্রয়োজনীয় নির্দেশনা প্রদান করেছেন। স্থানীয় জনপ্রতিনিধিরাও এ বিষয়ে সহযোগিতার আশ্বাস দিয়েছেন। প্রাপ্ত তথ্য অনুযায়ী স্থানীয় প্রশাসনের পক্ষ থেকে জানানো হয়েছে যে বিষয়টি নিয়ে তদন্ত শুরু হয়েছে এবং দোষীদের বিরুদ্ধে যথাযথ আইনগত ব্যবস্থা নেওয়া হবে। এলাকাবাসী দ্রুত বিচার দাবি করেছেন এবং পরিস্থিতি এখন নিয়ন্ত্রণে রয়েছে বলে জানিয়েছে পুলিশ। সংশ্লিষ্ট কর্মকর্তারা ঘটনাস্থল পরিদর্শন করেছেন এবং প্রয়োজনীয় নির্দেশনা প্রদান করেছেন। স্থানীয় জনপ্রতিনিধিরাও এ বিষয়ে সহযোগিতার আশ্বাস দিয়েছেন।
খলিষ্ঠালের মাথাকে
দেশ বর্তমান ডেস্ক
প্রাপ্ত তথ্য অনুযায়ী স্থানীয় প্রশাসনের পক্ষ থেকে জানানো হয়েছে যে বিষয়টি নিয়ে তদন্ত শুরু হয়েছে এবং দোষীদের বিরুদ্ধে যথাযথ আইনগত ব্যবস্থা নেওয়া হবে। এলাকাবাসী দ্রুত বিচার দাবি করেছেন এবং পরিস্থিতি এখন নিয়ন্ত্রণে রয়েছে বলে জানিয়েছে পুলিশ। সংশ্লিষ্ট কর্মকর্তারা ঘটনাস্থল পরিদর্শন করেছেন এবং প্রয়োজনীয় নির্দেশনা প্রদান করেছেন। স্থানীয় জনপ্রতিনিধিরাও এ বিষয়ে সহযোগিতার আশ্বাস দিয়েছেন। প্রাপ্ত তথ্য অনুযায়ী স্থানীয় প্রশাসনের পক্ষ থেকে জানানো হয়েছে যে বিষয়টি নিয়ে তদন্ত শুরু হয়েছে এবং দোষীদের বিরুদ্ধে যথাযথ আইনগত ব্যবস্থা নেওয়া হবে। এলাকাবাসী দ্রুত বিচার দাবি করেছেন এবং পরিস্থিতি এখন নিয়ন্ত্রণে রয়েছে বলে জানিয়েছে পুলিশ। সংশ্লিষ্ট কর্মকর্তারা ঘটনাস্থল পরিদর্শন করেছেন এবং প্রয়োজনীয় নির্দেশনা প্রদান করেছেন। স্থানীয় জনপ্রতিনিধিরাও এ বিষয়ে সহযোগিতার আশ্বাস দিয়েছেন। প্রাপ্ত তথ্য অনুযায়ী স্থানীয় প্রশাসনের পক্ষ থেকে জানানো হয়েছে যে বিষয়টি নিয়ে তদন্ত শুরু হয়েছে এবং দোষীদের বিরুদ্ধে যথাযথ আইনগত ব্যবস্থা নেওয়া হবে। এলাকাবাসী দ্রুত বিচার দাবি করেছেন এবং পরিস্থিতি এখন নিয়ন্ত্রণে রয়েছে বলে জানিয়েছে পুলিশ। সংশ্লিষ্ট কর্মকর্তারা ঘটনাস্থল পরিদর্শন করেছেন এবং প্রয়োজনীয় নির্দেশনা প্রদান করেছেন। স্থানীয় জনপ্রতিনিধিরাও এ বিষয়ে সহযোগিতার আশ্বাস দিয়েছেন। প্রাপ্ত তথ্য অনুযায়ী স্থানীয় প্রশাসনের পক্ষ থেকে জানানো হয়েছে যে বিষয়টি নিয়ে তদন্ত শুরু হয়েছে এবং দোষীদের বিরুদ্ধে যথাযথ আইনগত ব্যবস্থা নেওয়া হবে। এলাকাবাসী দ্রুত বিচার দাবি করেছেন এবং পরিস্থিতি এখন নিয়ন্ত্রণে রয়েছে বলে জানিয়েছে পুলিশ। সংশ্লিষ্ট কর্মকর্তারা ঘটনাস্থল পরিদর্শন করেছেন এবং প্রয়োজনীয় নির্দেশনা প্রদান করেছেন। স্থানীয় জনপ্রতিনিধিরাও এ বিষয়ে সহযোগিতার আশ্বাস দিয়েছেন।
বিএমইটির ৯
দেশ বর্তমান ডেস্ক
প্রাপ্ত তথ্য অনুযায়ী স্থানীয় প্রশাসনের পক্ষ থেকে জানানো হয়েছে যে বিষয়টি নিয়ে তদন্ত শুরু হয়েছে এবং দোষীদের বিরুদ্ধে যথাযথ আইনগত ব্যবস্থা নেওয়া হবে। এলাকাবাসী দ্রুত বিচার দাবি করেছেন এবং পরিস্থিতি এখন নিয়ন্ত্রণে রয়েছে বলে জানিয়েছে পুলিশ। সংশ্লিষ্ট কর্মকর্তারা ঘটনাস্থল পরিদর্শন করেছেন এবং প্রয়োজনীয় নির্দেশনা প্রদান করেছেন। স্থানীয় জনপ্রতিনিধিরাও এ বিষয়ে সহযোগিতার আশ্বাস দিয়েছেন। প্রাপ্ত তথ্য অনুযায়ী স্থানীয় প্রশাসনের পক্ষ থেকে জানানো হয়েছে যে বিষয়টি নিয়ে তদন্ত শুরু হয়েছে এবং দোষীদের বিরুদ্ধে যথাযথ আইনগত ব্যবস্থা নেওয়া হবে। এলাকাবাসী দ্রুত বিচার দাবি করেছেন এবং পরিস্থিতি এখন নিয়ন্ত্রণে রয়েছে বলে জানিয়েছে পুলিশ। সংশ্লিষ্ট কর্মকর্তারা ঘটনাস্থল পরিদর্শন করেছেন এবং প্রয়োজনীয় নির্দেশনা প্রদান করেছেন। স্থানীয় জনপ্রতিনিধিরাও এ বিষয়ে সহযোগিতার আশ্বাস দিয়েছেন। প্রাপ্ত তথ্য অনুযায়ী স্থানীয় প্রশাসনের পক্ষ থেকে জানানো হয়েছে যে বিষয়টি নিয়ে তদন্ত শুরু হয়েছে এবং দোষীদের বিরুদ্ধে যথাযথ আইনগত ব্যবস্থা নেওয়া হবে। এলাকাবাসী দ্রুত বিচার দাবি করেছেন এবং পরিস্থিতি এখন নিয়ন্ত্রণে রয়েছে বলে জানিয়েছে পুলিশ। সংশ্লিষ্ট কর্মকর্তারা ঘটনাস্থল পরিদর্শন করেছেন এবং প্রয়োজনীয় নির্দেশনা প্রদান করেছেন। স্থানীয় জনপ্রতিনিধিরাও এ বিষয়ে সহযোগিতার আশ্বাস দিয়েছেন। প্রাপ্ত তথ্য অনুযায়ী স্থানীয় প্রশাসনের পক্ষ থেকে জানানো হয়েছে যে বিষয়টি নিয়ে তদন্ত শুরু হয়েছে এবং দোষীদের বিরুদ্ধে যথাযথ আইনগত ব্যবস্থা নেওয়া হবে। এলাকাবাসী দ্রুত বিচার দাবি করেছেন এবং পরিস্থিতি এখন নিয়ন্ত্রণে রয়েছে বলে জানিয়েছে পুলিশ। সংশ্লিষ্ট কর্মকর্তারা ঘটনাস্থল পরিদর্শন করেছেন এবং প্রয়োজনীয় নির্দেশনা প্রদান করেছেন। স্থানীয় জনপ্রতিনিধিরাও এ বিষয়ে সহযোগিতার আশ্বাস দিয়েছেন।
শরীয়তপুরে
দেশ বর্তমান ডেস্ক
প্রাপ্ত তথ্য অনুযায়ী স্থানীয় প্রশাসনের পক্ষ থেকে জানানো হয়েছে যে বিষয়টি নিয়ে তদন্ত শুরু হয়েছে এবং দোষীদের বিরুদ্ধে যথাযথ আইনগত ব্যবস্থা নেওয়া হবে। এলাকাবাসী দ্রুত বিচার দাবি করেছেন এবং পরিস্থিতি এখন নিয়ন্ত্রণে রয়েছে বলে জানিয়েছে পুলিশ। সংশ্লিষ্ট কর্মকর্তারা ঘটনাস্থল পরিদর্শন করেছেন এবং প্রয়োজনীয় নির্দেশনা প্রদান করেছেন। স্থানীয় জনপ্রতিনিধিরাও এ বিষয়ে সহযোগিতার আশ্বাস দিয়েছেন। প্রাপ্ত তথ্য অনুযায়ী স্থানীয় প্রশাসনের পক্ষ থেকে জানানো হয়েছে যে বিষয়টি নিয়ে তদন্ত শুরু হয়েছে এবং দোষীদের বিরুদ্ধে যথাযথ আইনগত ব্যবস্থা নেওয়া হবে। এলাকাবাসী দ্রুত বিচার দাবি করেছেন এবং পরিস্থিতি এখন নিয়ন্ত্রণে রয়েছে বলে জানিয়েছে পুলিশ। সংশ্লিষ্ট কর্মকর্তারা ঘটনাস্থল পরিদর্শন করেছেন এবং প্রয়োজনীয় নির্দেশনা প্রদান করেছেন। স্থানীয় জনপ্রতিনিধিরাও এ বিষয়ে সহযোগিতার আশ্বাস দিয়েছেন।
দুই কমিশনারের
দেশ বর্তমান ডেস্ক
প্রাপ্ত তথ্য অনুযায়ী স্থানীয় প্রশাসনের পক্ষ থেকে জানানো হয়েছে যে বিষয়টি নিয়ে তদন্ত শুরু হয়েছে এবং দোষীদের বিরুদ্ধে যথাযথ আইনগত ব্যবস্থা নেওয়া হবে। এলাকাবাসী দ্রুত বিচার দাবি করেছেন এবং পরিস্থিতি এখন নিয়ন্ত্রণে রয়েছে বলে জানিয়েছে পুলিশ। সংশ্লিষ্ট কর্মকর্তারা ঘটনাস্থল পরিদর্শন করেছেন এবং প্রয়োজনীয় নির্দেশনা প্রদান করেছেন। স্থানীয় জনপ্রতিনিধিরাও এ বিষয়ে সহযোগিতার আশ্বাস দিয়েছেন। প্রাপ্ত তথ্য অনুযায়ী স্থানীয় প্রশাসনের পক্ষ থেকে জানানো হয়েছে যে বিষয়টি নিয়ে তদন্ত শুরু হয়েছে এবং দোষীদের বিরুদ্ধে যথাযথ আইনগত ব্যবস্থা নেওয়া হবে। এলাকাবাসী দ্রুত বিচার দাবি করেছেন এবং পরিস্থিতি এখন নিয়ন্ত্রণে রয়েছে বলে জানিয়েছে পুলিশ। সংশ্লিষ্ট কর্মকর্তারা ঘটনাস্থল পরিদর্শন করেছেন এবং প্রয়োজনীয় নির্দেশনা প্রদান করেছেন। স্থানীয় জনপ্রতিনিধিরাও এ বিষয়ে সহযোগিতার আশ্বাস দিয়েছেন।
আল-আকসা
দেশ বর্তমান ডেস্ক
প্রাপ্ত তথ্য অনুযায়ী স্থানীয় প্রশাসনের পক্ষ থেকে জানানো হয়েছে যে বিষয়টি নিয়ে তদন্ত শুরু হয়েছে এবং দোষীদের বিরুদ্ধে যথাযথ আইনগত ব্যবস্থা নেওয়া হবে। এলাকাবাসী দ্রুত বিচার দাবি করেছেন এবং পরিস্থিতি এখন নিয়ন্ত্রণে রয়েছে বলে জানিয়েছে পুলিশ। সংশ্লিষ্ট কর্মকর্তারা ঘটনাস্থল পরিদর্শন করেছেন এবং প্রয়োজনীয় নির্দেশনা প্রদান করেছেন। স্থানীয় জনপ্রতিনিধিরাও এ বিষয়ে সহযোগিতার আশ্বাস দিয়েছেন। প্রাপ্ত তথ্য অনুযায়ী স্থানীয় প্রশাসনের পক্ষ থেকে জানানো হয়েছে যে বিষয়টি নিয়ে তদন্ত শুরু হয়েছে এবং দোষীদের বিরুদ্ধে যথাযথ আইনগত ব্যবস্থা নেওয়া হবে। এলাকাবাসী দ্রুত বিচার দাবি করেছেন এবং পরিস্থিতি এখন নিয়ন্ত্রণে রয়েছে বলে জানিয়েছে পুলিশ। সংশ্লিষ্ট কর্মকর্তারা ঘটনাস্থল পরিদর্শন করেছেন এবং প্রয়োজনীয় নির্দেশনা প্রদান করেছেন। স্থানীয় জনপ্রতিনিধিরাও এ বিষয়ে সহযোগিতার আশ্বাস দিয়েছেন।
শুরুতুবর্ণ
দেশ বর্তমান ডেস্ক
প্রাপ্ত তথ্য অনুযায়ী স্থানীয় প্রশাসনের পক্ষ থেকে জানানো হয়েছে যে বিষয়টি নিয়ে তদন্ত শুরু হয়েছে এবং দোষীদের বিরুদ্ধে যথাযথ আইনগত ব্যবস্থা নেওয়া হবে। এলাকাবাসী দ্রুত বিচার দাবি করেছেন এবং পরিস্থিতি এখন নিয়ন্ত্রণে রয়েছে বলে জানিয়েছে পুলিশ। সংশ্লিষ্ট কর্মকর্তারা ঘটনাস্থল পরিদর্শন করেছেন এবং প্রয়োজনীয় নির্দেশনা প্রদান করেছেন। স্থানীয় জনপ্রতিনিধিরাও এ বিষয়ে সহযোগিতার আশ্বাস দিয়েছেন। প্রাপ্ত তথ্য অনুযায়ী স্থানীয় প্রশাসনের পক্ষ থেকে জানানো হয়েছে যে বিষয়টি নিয়ে তদন্ত শুরু হয়েছে এবং দোষীদের বিরুদ্ধে যথাযথ আইনগত ব্যবস্থা নেওয়া হবে। এলাকাবাসী দ্রুত বিচার দাবি করেছেন এবং পরিস্থিতি এখন নিয়ন্ত্রণে রয়েছে বলে জানিয়েছে পুলিশ। সংশ্লিষ্ট কর্মকর্তারা ঘটনাস্থল পরিদর্শন করেছেন এবং প্রয়োজনীয় নির্দেশনা প্রদান করেছেন। স্থানীয় জনপ্রতিনিধিরাও এ বিষয়ে সহযোগিতার আশ্বাস দিয়েছেন।
সোনার হালহালে
দেশ বর্তমান ডেস্ক
প্রাপ্ত তথ্য অনুযায়ী স্থানীয় প্রশাসনের পক্ষ থেকে জানানো হয়েছে যে বিষয়টি নিয়ে তদন্ত শুরু হয়েছে এবং দোষীদের বিরুদ্ধে যথাযথ আইনগত ব্যবস্থা নেওয়া হবে। এলাকাবাসী দ্রুত বিচার দাবি করেছেন এবং পরিস্থিতি এখন নিয়ন্ত্রণে রয়েছে বলে জানিয়েছে পুলিশ। সংশ্লিষ্ট কর্মকর্তারা ঘটনাস্থল পরিদর্শন করেছেন এবং প্রয়োজনীয় নির্দেশনা প্রদান করেছেন। স্থানীয় জনপ্রতিনিধিরাও এ বিষয়ে সহযোগিতার আশ্বাস দিয়েছেন। প্রাপ্ত তথ্য অনুযায়ী স্থানীয় প্রশাসনের পক্ষ থেকে জানানো হয়েছে যে বিষয়টি নিয়ে তদন্ত শুরু হয়েছে এবং দোষীদের বিরুদ্ধে যথাযথ আইনগত ব্যবস্থা নেওয়া হবে। এলাকাবাসী দ্রুত বিচার দাবি করেছেন এবং পরিস্থিতি এখন নিয়ন্ত্রণে রয়েছে বলে জানিয়েছে পুলিশ। সংশ্লিষ্ট কর্মকর্তারা ঘটনাস্থল পরিদর্শন করেছেন এবং প্রয়োজনীয় নির্দেশনা প্রদান করেছেন। স্থানীয় জনপ্রতিনিধিরাও এ বিষয়ে সহযোগিতার আশ্বাস দিয়েছেন।
আজিমপুর
দেশ বর্তমান ডেস্ক
প্রাপ্ত তথ্য অনুযায়ী স্থানীয় প্রশাসনের পক্ষ থেকে জানানো হয়েছে যে বিষয়টি নিয়ে তদন্ত শুরু হয়েছে এবং দোষীদের বিরুদ্ধে যথাযথ আইনগত ব্যবস্থা নেওয়া হবে। এলাকাবাসী দ্রুত বিচার দাবি করেছেন এবং পরিস্থিতি এখন নিয়ন্ত্রণে রয়েছে বলে জানিয়েছে পুলিশ। সংশ্লিষ্ট কর্মকর্তারা ঘটনাস্থল পরিদর্শন করেছেন এবং প্রয়োজনীয় নির্দেশনা প্রদান করেছেন। স্থানীয় জনপ্রতিনিধিরাও এ বিষয়ে সহযোগিতার আশ্বাস দিয়েছেন। প্রাপ্ত তথ্য অনুযায়ী স্থানীয় প্রশাসনের পক্ষ থেকে জানানো হয়েছে যে বিষয়টি নিয়ে তদন্ত শুরু হয়েছে এবং দোষীদের বিরুদ্ধে যথাযথ আইনগত ব্যবস্থা নেওয়া হবে। এলাকাবাসী দ্রুত বিচার দাবি করেছেন এবং পরিস্থিতি এখন নিয়ন্ত্রণে রয়েছে বলে জানিয়েছে পুলিশ। সংশ্লিষ্ট কর্মকর্তারা ঘটনাস্থল পরিদর্শন করেছেন এবং প্রয়োজনীয় নির্দেশনা প্রদান করেছেন। স্থানীয় জনপ্রতিনিধিরাও এ বিষয়ে সহযোগিতার আশ্বাস দিয়েছেন।
ডেঙ্গু আক্রান্ত
দেশ বর্তমান ডেস্ক
প্রাপ্ত তথ্য অনুযায়ী স্থানীয় প্রশাসনের পক্ষ থেকে জানানো হয়েছে যে বিষয়টি নিয়ে তদন্ত শুরু হয়েছে এবং দোষীদের বিরুদ্ধে যথাযথ আইনগত ব্যবস্থা নেওয়া হবে। এলাকাবাসী দ্রুত বিচার দাবি করেছেন এবং পরিস্থিতি এখন নিয়ন্ত্রণে রয়েছে বলে জানিয়েছে পুলিশ। সংশ্লিষ্ট কর্মকর্তারা ঘটনাস্থল পরিদর্শন করেছেন এবং প্রয়োজনীয় নির্দেশনা প্রদান করেছেন। স্থানীয় জনপ্রতিনিধিরাও এ বিষয়ে সহযোগিতার আশ্বাস দিয়েছেন। প্রাপ্ত তথ্য অনুযায়ী স্থানীয় প্রশাসনের পক্ষ থেকে জানানো হয়েছে যে বিষয়টি নিয়ে তদন্ত শুরু হয়েছে এবং দোষীদের বিরুদ্ধে যথাযথ আইনগত ব্যবস্থা নেওয়া হবে। এলাকাবাসী দ্রুত বিচার দাবি করেছেন এবং পরিস্থিতি এখন নিয়ন্ত্রণে রয়েছে বলে জানিয়েছে পুলিশ। সংশ্লিষ্ট কর্মকর্তারা ঘটনাস্থল পরিদর্শন করেছেন এবং প্রয়োজনীয় নির্দেশনা প্রদান করেছেন। স্থানীয় জনপ্রতিনিধিরাও এ বিষয়ে সহযোগিতার আশ্বাস দিয়েছেন।
আসামি
দেশ বর্তমান ডেস্ক
প্রাপ্ত তথ্য অনুযায়ী স্থানীয় প্রশাসনের পক্ষ থেকে জানানো হয়েছে যে বিষয়টি নিয়ে তদন্ত শুরু হয়েছে এবং দোষীদের বিরুদ্ধে যথাযথ আইনগত ব্যবস্থা নেওয়া হবে। এলাকাবাসী দ্রুত বিচার দাবি করেছেন এবং পরিস্থিতি এখন নিয়ন্ত্রণে রয়েছে বলে জানিয়েছে পুলিশ। সংশ্লিষ্ট কর্মকর্তারা ঘটনাস্থল পরিদর্শন করেছেন এবং প্রয়োজনীয় নির্দেশনা প্রদান করেছেন। স্থানীয় জনপ্রতিনিধিরাও এ বিষয়ে সহযোগিতার আশ্বাস দিয়েছেন। প্রাপ্ত তথ্য অনুযায়ী স্থানীয় প্রশাসনের পক্ষ থেকে জানানো হয়েছে যে বিষয়টি নিয়ে তদন্ত শুরু হয়েছে এবং দোষীদের বিরুদ্ধে যথাযথ আইনগত ব্যবস্থা নেওয়া হবে। এলাকাবাসী দ্রুত বিচার দাবি করেছেন এবং পরিস্থিতি এখন নিয়ন্ত্রণে রয়েছে বলে জানিয়েছে পুলিশ। সংশ্লিষ্ট কর্মকর্তারা ঘটনাস্থল পরিদর্শন করেছেন এবং প্রয়োজনীয় নির্দেশনা প্রদান করেছেন। স্থানীয় জনপ্রতিনিধিরাও এ বিষয়ে সহযোগিতার আশ্বাস দিয়েছেন।
স্বামীকে হত্যার
দেশ বর্তমান ডেস্ক
প্রাপ্ত তথ্য অনুযায়ী স্থানীয় প্রশাসনের পক্ষ থেকে জানানো হয়েছে যে বিষয়টি নিয়ে তদন্ত শুরু হয়েছে এবং দোষীদের বিরুদ্ধে যথাযথ আইনগত ব্যবস্থা নেওয়া হবে। এলাকাবাসী দ্রুত বিচার দাবি করেছেন এবং পরিস্থিতি এখন নিয়ন্ত্রণে রয়েছে বলে জানিয়েছে পুলিশ। সংশ্লিষ্ট কর্মকর্তারা ঘটনাস্থল পরিদর্শন করেছেন এবং প্রয়োজনীয় নির্দেশনা প্রদান করেছেন। স্থানীয় জনপ্রতিনিধিরাও এ বিষয়ে সহযোগিতার আশ্বাস দিয়েছেন। প্রাপ্ত তথ্য অনুযায়ী স্থানীয় প্রশাসনের পক্ষ থেকে জানানো হয়েছে যে বিষয়টি নিয়ে তদন্ত শুরু হয়েছে এবং দোষীদের বিরুদ্ধে যথাযথ আইনগত ব্যবস্থা নেওয়া হবে। এলাকাবাসী দ্রুত বিচার দাবি করেছেন এবং পরিস্থিতি এখন নিয়ন্ত্রণে রয়েছে বলে জানিয়েছে পুলিশ। সংশ্লিষ্ট কর্মকর্তারা ঘটনাস্থল পরিদর্শন করেছেন এবং প্রয়োজনীয় নির্দেশনা প্রদান করেছেন। স্থানীয় জনপ্রতিনিধিরাও এ বিষয়ে সহযোগিতার আশ্বাস দিয়েছেন।
মুরাদনগরের
দেশ বর্তমান ডেস্ক
প্রাপ্ত তথ্য অনুযায়ী স্থানীয় প্রশাসনের পক্ষ থেকে জানানো হয়েছে যে বিষয়টি নিয়ে তদন্ত শুরু হয়েছে এবং দোষীদের বিরুদ্ধে যথাযথ আইনগত ব্যবস্থা নেওয়া হবে। এলাকাবাসী দ্রুত বিচার দাবি করেছেন এবং পরিস্থিতি এখন নিয়ন্ত্রণে রয়েছে বলে জানিয়েছে পুলিশ। সংশ্লিষ্ট কর্মকর্তারা ঘটনাস্থল পরিদর্শন করেছেন এবং প্রয়োজনীয় নির্দেশনা প্রদান করেছেন। স্থানীয় জনপ্রতিনিধিরাও এ বিষয়ে সহযোগিতার আশ্বাস দিয়েছেন। প্রাপ্ত তথ্য অনুযায়ী স্থানীয় প্রশাসনের পক্ষ থেকে জানানো হয়েছে যে বিষয়টি নিয়ে তদন্ত শুরু হয়েছে এবং দোষীদের বিরুদ্ধে যথাযথ আইনগত ব্যবস্থা নেওয়া হবে। এলাকাবাসী দ্রুত বিচার দাবি করেছেন এবং পরিস্থিতি এখন নিয়ন্ত্রণে রয়েছে বলে জানিয়েছে পুলিশ। সংশ্লিষ্ট কর্মকর্তারা ঘটনাস্থল পরিদর্শন করেছেন এবং প্রয়োজনীয় নির্দেশনা প্রদান করেছেন। স্থানীয় জনপ্রতিনিধিরাও এ বিষয়ে সহযোগিতার আশ্বাস দিয়েছেন।
ক্যান্সারে সরকারের
দেশ বর্তমান ডেস্ক
প্রাপ্ত তথ্য অনুযায়ী স্থানীয় প্রশাসনের পক্ষ থেকে জানানো হয়েছে যে বিষয়টি নিয়ে তদন্ত শুরু হয়েছে এবং দোষীদের বিরুদ্ধে যথাযথ আইনগত ব্যবস্থা নেওয়া হবে। এলাকাবাসী দ্রুত বিচার দাবি করেছেন এবং পরিস্থিতি এখন নিয়ন্ত্রণে রয়েছে বলে জানিয়েছে পুলিশ। সংশ্লিষ্ট কর্মকর্তারা ঘটনাস্থল পরিদর্শন করেছেন এবং প্রয়োজনীয় নির্দেশনা প্রদান করেছেন। স্থানীয় জনপ্রতিনিধিরাও এ বিষয়ে সহযোগিতার আশ্বাস দিয়েছেন। প্রাপ্ত তথ্য অনুযায়ী স্থানীয় প্রশাসনের পক্ষ থেকে জানানো হয়েছে যে বিষয়টি নিয়ে তদন্ত শুরু হয়েছে এবং দোষীদের বিরুদ্ধে যথাযথ আইনগত ব্যবস্থা নেওয়া হবে। এলাকাবাসী দ্রুত বিচার দাবি করেছেন এবং পরিস্থিতি এখন নিয়ন্ত্রণে রয়েছে বলে জানিয়েছে পুলিশ। সংশ্লিষ্ট কর্মকর্তারা ঘটনাস্থল পরিদর্শন করেছেন এবং প্রয়োজনীয় নির্দেশনা প্রদান করেছেন। স্থানীয় জনপ্রতিনিধিরাও এ বিষয়ে সহযোগিতার আশ্বাস দিয়েছেন।
বাস্তার বিষয়টি
দেশ বর্তমান ডেস্ক
প্রাপ্ত তথ্য অনুযায়ী স্থানীয় প্রশাসনের পক্ষ থেকে জানানো হয়েছে যে বিষয়টি নিয়ে তদন্ত শুরু হয়েছে এবং দোষীদের বিরুদ্ধে যথাযথ আইনগত ব্যবস্থা নেওয়া হবে। এলাকাবাসী দ্রুত বিচার দাবি করেছেন এবং পরিস্থিতি এখন নিয়ন্ত্রণে রয়েছে বলে জানিয়েছে পুলিশ। সংশ্লিষ্ট কর্মকর্তারা ঘটনাস্থল পরিদর্শন করেছেন এবং প্রয়োজনীয় নির্দেশনা প্রদান করেছেন। স্থানীয় জনপ্রতিনিধিরাও এ বিষয়ে সহযোগিতার আশ্বাস দিয়েছেন। প্রাপ্ত তথ্য অনুযায়ী স্থানীয় প্রশাসনের পক্ষ থেকে জানানো হয়েছে যে বিষয়টি নিয়ে তদন্ত শুরু হয়েছে এবং দোষীদের বিরুদ্ধে যথাযথ আইনগত ব্যবস্থা নেওয়া হবে। এলাকাবাসী দ্রুত বিচার দাবি করেছেন এবং পরিস্থিতি এখন নিয়ন্ত্রণে রয়েছে বলে জানিয়েছে পুলিশ। সংশ্লিষ্ট কর্মকর্তারা ঘটনাস্থল পরিদর্শন করেছেন এবং প্রয়োজনীয় নির্দেশনা প্রদান করেছেন। স্থানীয় জনপ্রতিনিধিরাও এ বিষয়ে সহযোগিতার আশ্বাস দিয়েছেন।
ভারতে আগ্রসের
দেশ বর্তমান ডেস্ক
প্রাপ্ত তথ্য অনুযায়ী স্থানীয় প্রশাসনের পক্ষ থেকে জানানো হয়েছে যে বিষয়টি নিয়ে তদন্ত শুরু হয়েছে এবং দোষীদের বিরুদ্ধে যথাযথ আইনগত ব্যবস্থা নেওয়া হবে। এলাকাবাসী দ্রুত বিচার দাবি করেছেন এবং পরিস্থিতি এখন নিয়ন্ত্রণে রয়েছে বলে জানিয়েছে পুলিশ। সংশ্লিষ্ট কর্মকর্তারা ঘটনাস্থল পরিদর্শন করেছেন এবং প্রয়োজনীয় নির্দেশনা প্রদান করেছেন। স্থানীয় জনপ্রতিনিধিরাও এ বিষয়ে সহযোগিতার আশ্বাস দিয়েছেন। প্রাপ্ত তথ্য অনুযায়ী স্থানীয় প্রশাসনের পক্ষ থেকে জানানো হয়েছে যে বিষয়টি নিয়ে তদন্ত শুরু হয়েছে এবং দোষীদের বিরুদ্ধে যথাযথ আইনগত ব্যবস্থা নেওয়া হবে। এলাকাবাসী দ্রুত বিচার দাবি করেছেন এবং পরিস্থিতি এখন নিয়ন্ত্রণে রয়েছে বলে জানিয়েছে পুলিশ। সংশ্লিষ্ট কর্মকর্তারা ঘটনাস্থল পরিদর্শন করেছেন এবং প্রয়োজনীয় নির্দেশনা প্রদান করেছেন। স্থানীয় জনপ্রতিনিধিরাও এ বিষয়ে সহযোগিতার আশ্বাস দিয়েছেন।
ইউরোপের
দেশ বর্তমান ডেস্ক
প্রাপ্ত তথ্য অনুযায়ী স্থানীয় প্রশাসনের পক্ষ থেকে জানানো হয়েছে যে বিষয়টি নিয়ে তদন্ত শুরু হয়েছে এবং দোষীদের বিরুদ্ধে যথাযথ আইনগত ব্যবস্থা নেওয়া হবে। এলাকাবাসী দ্রুত বিচার দাবি করেছেন এবং পরিস্থিতি এখন নিয়ন্ত্রণে রয়েছে বলে জানিয়েছে পুলিশ। সংশ্লিষ্ট কর্মকর্তারা ঘটনাস্থল পরিদর্শন করেছেন এবং প্রয়োজনীয় নির্দেশনা প্রদান করেছেন। স্থানীয় জনপ্রতিনিধিরাও এ বিষয়ে সহযোগিতার আশ্বাস দিয়েছেন। প্রাপ্ত তথ্য অনুযায়ী স্থানীয় প্রশাসনের পক্ষ থেকে জানানো হয়েছে যে বিষয়টি নিয়ে তদন্ত শুরু হয়েছে এবং দোষীদের বিরুদ্ধে যথাযথ আইনগত ব্যবস্থা নেওয়া হবে। এলাকাবাসী দ্রুত বিচার দাবি করেছেন এবং পরিস্থিতি এখন নিয়ন্ত্রণে রয়েছে বলে জানিয়েছে পুলিশ। সংশ্লিষ্ট কর্মকর্তারা ঘটনাস্থল পরিদর্শন করেছেন এবং প্রয়োজনীয় নির্দেশনা প্রদান করেছেন। স্থানীয় জনপ্রতিনিধিরাও এ বিষয়ে সহযোগিতার আশ্বাস দিয়েছেন।
মুক্তাগাছায়
দেশ বর্তমান ডেস্ক
প্রাপ্ত তথ্য অনুযায়ী স্থানীয় প্রশাসনের পক্ষ থেকে জানানো হয়েছে যে বিষয়টি নিয়ে তদন্ত শুরু হয়েছে এবং দোষীদের বিরুদ্ধে যথাযথ আইনগত ব্যবস্থা নেওয়া হবে। এলাকাবাসী দ্রুত বিচার দাবি করেছেন এবং পরিস্থিতি এখন নিয়ন্ত্রণে রয়েছে বলে জানিয়েছে পুলিশ। সংশ্লিষ্ট কর্মকর্তারা ঘটনাস্থল পরিদর্শন করেছেন এবং প্রয়োজনীয় নির্দেশনা প্রদান করেছেন। স্থানীয় জনপ্রতিনিধিরাও এ বিষয়ে সহযোগিতার আশ্বাস দিয়েছেন। প্রাপ্ত তথ্য অনুযায়ী স্থানীয় প্রশাসনের পক্ষ থেকে জানানো হয়েছে যে বিষয়টি নিয়ে তদন্ত শুরু হয়েছে এবং দোষীদের বিরুদ্ধে যথাযথ আইনগত ব্যবস্থা নেওয়া হবে। এলাকাবাসী দ্রুত বিচার দাবি করেছেন এবং পরিস্থিতি এখন নিয়ন্ত্রণে রয়েছে বলে জানিয়েছে পুলিশ। সংশ্লিষ্ট কর্মকর্তারা ঘটনাস্থল পরিদর্শন করেছেন এবং প্রয়োজনীয় নির্দেশনা প্রদান করেছেন। স্থানীয় জনপ্রতিনিধিরাও এ বিষয়ে সহযোগিতার আশ্বাস দিয়েছেন।
মুরাদনগরে
দেশ বর্তমান ডেস্ক
প্রাপ্ত তথ্য অনুযায়ী স্থানীয় প্রশাসনের পক্ষ থেকে জানানো হয়েছে যে বিষয়টি নিয়ে তদন্ত শুরু হয়েছে এবং দোষীদের বিরুদ্ধে যথাযথ আইনগত ব্যবস্থা নেওয়া হবে। এলাকাবাসী দ্রুত বিচার দাবি করেছেন এবং পরিস্থিতি এখন নিয়ন্ত্রণে রয়েছে বলে জানিয়েছে পুলিশ। সংশ্লিষ্ট কর্মকর্তারা ঘটনাস্থল পরিদর্শন করেছেন এবং প্রয়োজনীয় নির্দেশনা প্রদান করেছেন। স্থানীয় জনপ্রতিনিধিরাও এ বিষয়ে সহযোগিতার আশ্বাস দিয়েছেন। প্রাপ্ত তথ্য অনুযায়ী স্থানীয় প্রশাসনের পক্ষ থেকে জানানো হয়েছে যে বিষয়টি নিয়ে তদন্ত শুরু হয়েছে এবং দোষীদের বিরুদ্ধে যথাযথ আইনগত ব্যবস্থা নেওয়া হবে। এলাকাবাসী দ্রুত বিচার দাবি করেছেন এবং পরিস্থিতি এখন নিয়ন্ত্রণে রয়েছে বলে জানিয়েছে পুলিশ। সংশ্লিষ্ট কর্মকর্তারা ঘটনাস্থল পরিদর্শন করেছেন এবং প্রয়োজনীয় নির্দেশনা প্রদান করেছেন। স্থানীয় জনপ্রতিনিধিরাও এ বিষয়ে সহযোগিতার আশ্বাস দিয়েছেন।
